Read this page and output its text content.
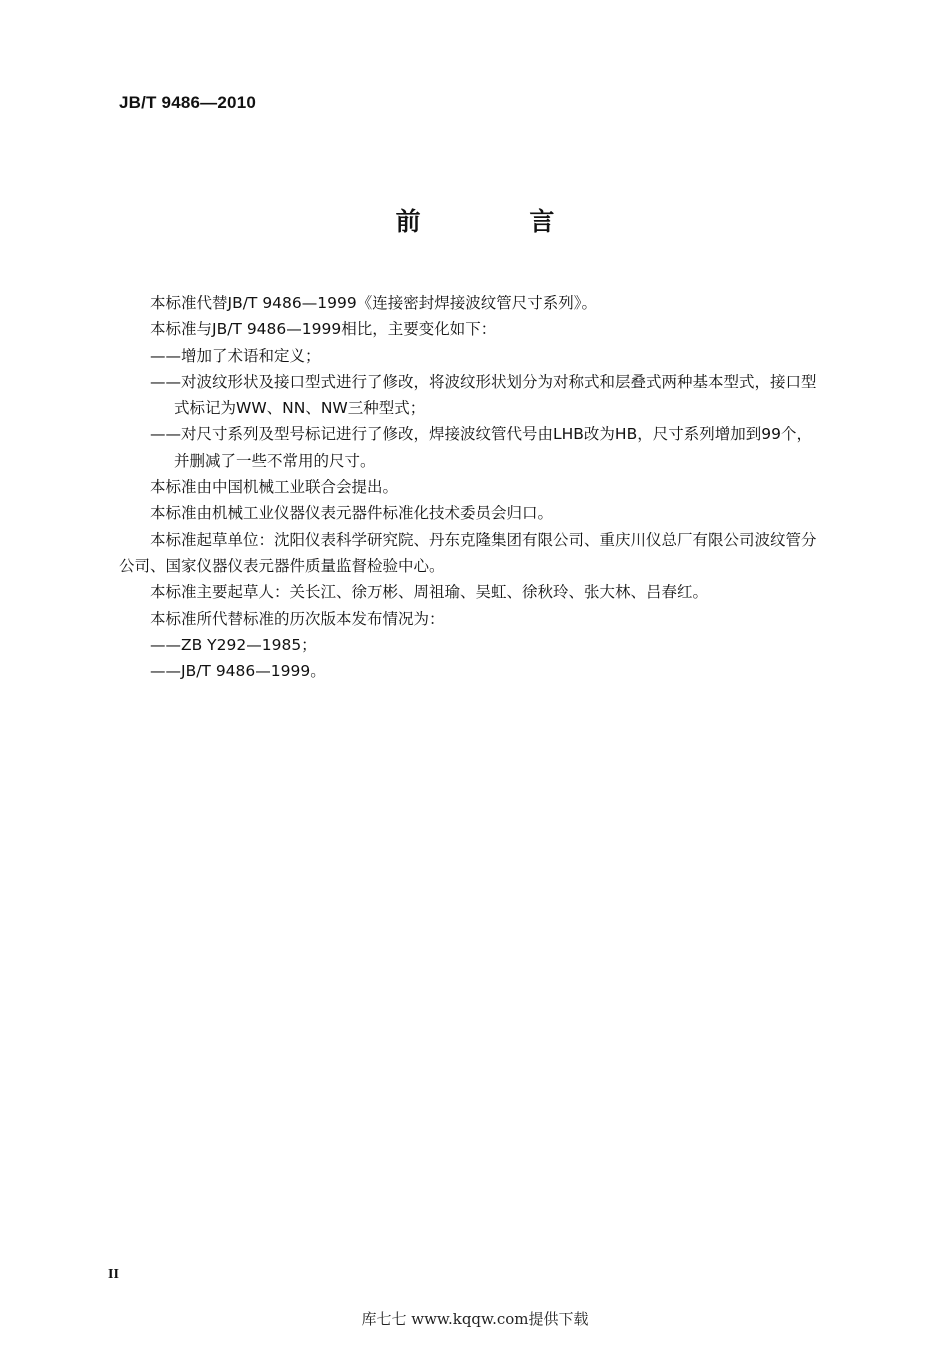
JB/T 9486—2010
前 言

本标准代替JB/T 9486—1999《连接密封焊接波纹管尺寸系列》。

本标准与JB/T 9486—1999相比，主要变化如下：

——增加了术语和定义；

——对波纹形状及接口型式进行了修改，将波纹形状划分为对称式和层叠式两种基本型式，接口型

式标记为WW、NN、NW三种型式；

——对尺寸系列及型号标记进行了修改，焊接波纹管代号由LHB改为HB，尺寸系列增加到99个，

并删减了一些不常用的尺寸。

本标准由中国机械工业联合会提出。

本标准由机械工业仪器仪表元器件标准化技术委员会归口。

本标准起草单位：沈阳仪表科学研究院、丹东克隆集团有限公司、重庆川仪总厂有限公司波纹管分

公司、国家仪器仪表元器件质量监督检验中心。

本标准主要起草人：关长江、徐万彬、周祖瑜、吴虹、徐秋玲、张大林、吕春红。

本标准所代替标准的历次版本发布情况为：

——ZB Y292—1985；

——JB/T 9486—1999。

II
库七七 www.kqqw.com提供下载
